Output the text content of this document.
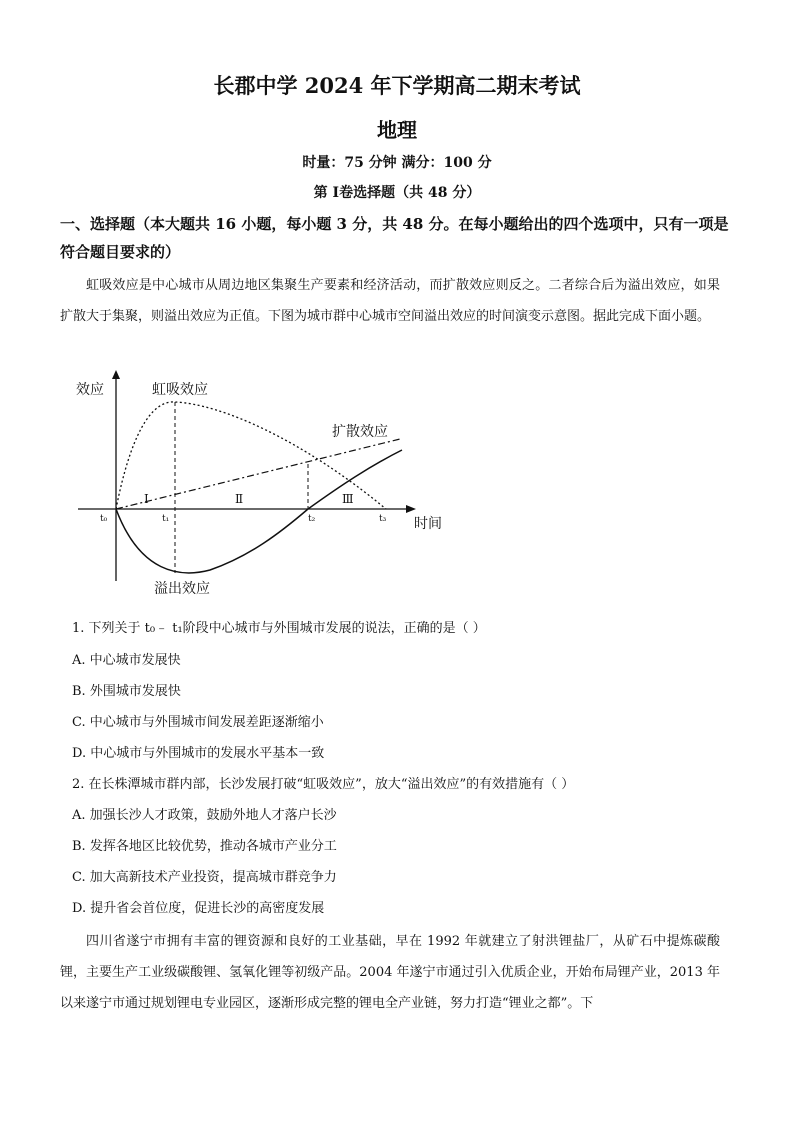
长郡中学 2024 年下学期高二期末考试
地理
时量：75 分钟 满分：100 分
第 Ⅰ卷选择题（共 48 分）
一、选择题（本大题共 16 小题，每小题 3 分，共 48 分。在每小题给出的四个选项中，只有一项是符合题目要求的）
虹吸效应是中心城市从周边地区集聚生产要素和经济活动，而扩散效应则反之。二者综合后为溢出效应，如果扩散大于集聚，则溢出效应为正值。下图为城市群中心城市空间溢出效应的时间演变示意图。据此完成下面小题。
效应
时间
虹吸效应
扩散效应
溢出效应
t₀	t₁	t₂	t₃
Ⅰ	Ⅱ	Ⅲ
1. 下列关于 t₀﹣ t₁阶段中心城市与外围城市发展的说法，正确的是（ ）
A. 中心城市发展快
B. 外围城市发展快
C. 中心城市与外围城市间发展差距逐渐缩小
D. 中心城市与外围城市的发展水平基本一致
2. 在长株潭城市群内部，长沙发展打破“虹吸效应”，放大“溢出效应”的有效措施有（ ）
A. 加强长沙人才政策，鼓励外地人才落户长沙
B. 发挥各地区比较优势，推动各城市产业分工
C. 加大高新技术产业投资，提高城市群竞争力
D. 提升省会首位度，促进长沙的高密度发展
四川省遂宁市拥有丰富的锂资源和良好的工业基础，早在 1992 年就建立了射洪锂盐厂，从矿石中提炼碳酸锂，主要生产工业级碳酸锂、氢氧化锂等初级产品。2004 年遂宁市通过引入优质企业，开始布局锂产业，2013 年以来遂宁市通过规划锂电专业园区，逐渐形成完整的锂电全产业链，努力打造“锂业之都”。下
